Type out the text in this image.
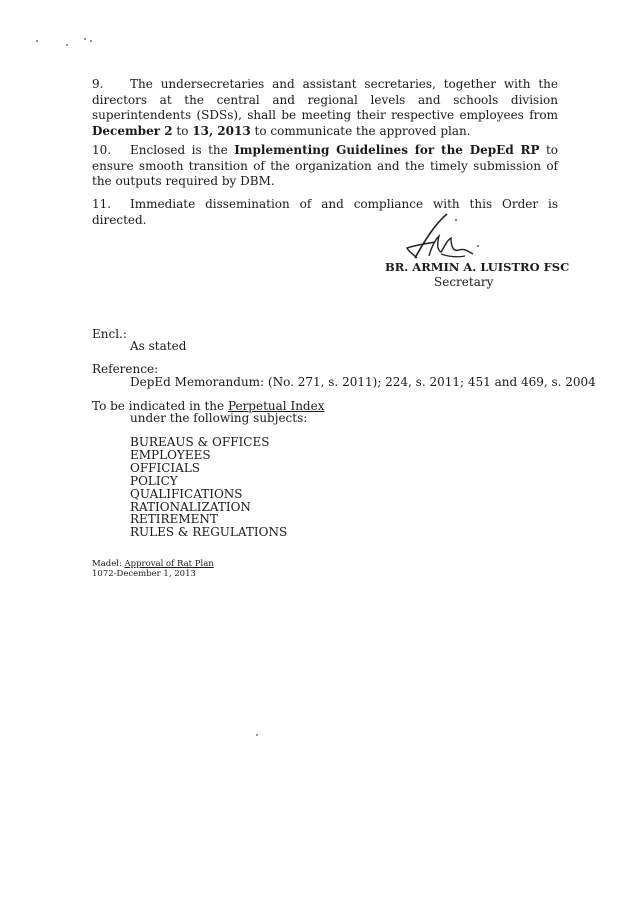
9. The undersecretaries and assistant secretaries, together with the directors at the central and regional levels and schools division superintendents (SDSs), shall be meeting their respective employees from December 2 to 13, 2013 to communicate the approved plan.

10. Enclosed is the Implementing Guidelines for the DepEd RP to ensure smooth transition of the organization and the timely submission of the outputs required by DBM.

11. Immediate dissemination of and compliance with this Order is directed.

BR. ARMIN A. LUISTRO FSC
Secretary

Encl.:

As stated

Reference:

DepEd Memorandum: (No. 271, s. 2011); 224, s. 2011; 451 and 469, s. 2004

To be indicated in the Perpetual Index

under the following subjects:

BUREAUS & OFFICES
EMPLOYEES
OFFICIALS
POLICY
QUALIFICATIONS
RATIONALIZATION
RETIREMENT
RULES & REGULATIONS

Madel: Approval of Rat Plan

1072-December 1, 2013
